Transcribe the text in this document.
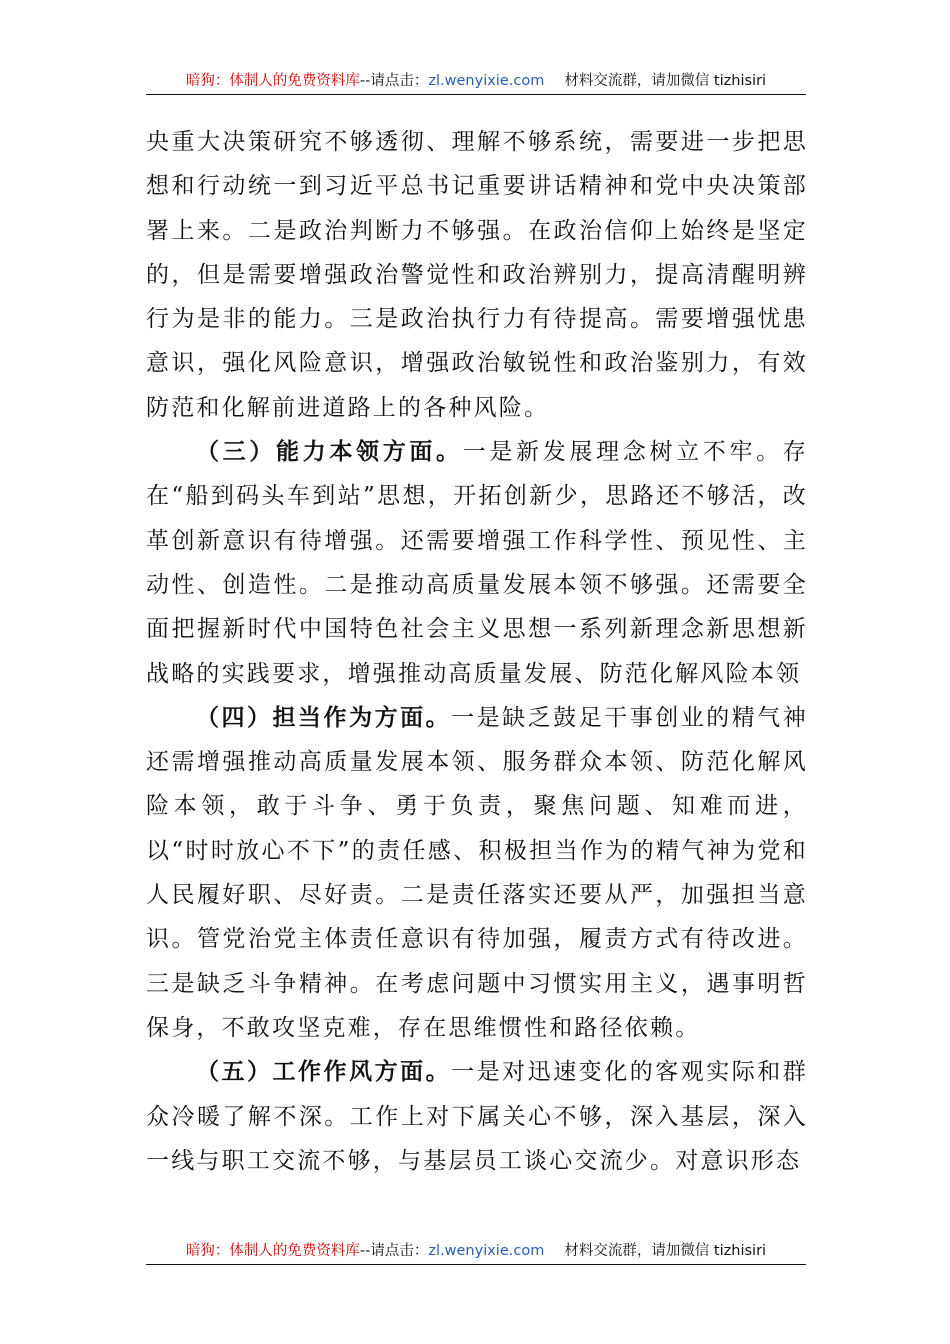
暗狗：体制人的免费资料库--请点击：zl.wenyixie.com 材料交流群，请加微信 tizhisiri

央重大决策研究不够透彻、理解不够系统，需要进一步把思想和行动统一到习近平总书记重要讲话精神和党中央决策部署上来。二是政治判断力不够强。在政治信仰上始终是坚定的，但是需要增强政治警觉性和政治辨别力，提高清醒明辨行为是非的能力。三是政治执行力有待提高。需要增强忧患意识，强化风险意识，增强政治敏锐性和政治鉴别力，有效防范和化解前进道路上的各种风险。

（三）能力本领方面。一是新发展理念树立不牢。存在“船到码头车到站”思想，开拓创新少，思路还不够活，改革创新意识有待增强。还需要增强工作科学性、预见性、主动性、创造性。二是推动高质量发展本领不够强。还需要全面把握新时代中国特色社会主义思想一系列新理念新思想新战略的实践要求，增强推动高质量发展、防范化解风险本领

（四）担当作为方面。一是缺乏鼓足干事创业的精气神还需增强推动高质量发展本领、服务群众本领、防范化解风险本领，敢于斗争、勇于负责，聚焦问题、知难而进，以“时时放心不下”的责任感、积极担当作为的精气神为党和人民履好职、尽好责。二是责任落实还要从严，加强担当意识。管党治党主体责任意识有待加强，履责方式有待改进。三是缺乏斗争精神。在考虑问题中习惯实用主义，遇事明哲保身，不敢攻坚克难，存在思维惯性和路径依赖。

（五）工作作风方面。一是对迅速变化的客观实际和群众冷暖了解不深。工作上对下属关心不够，深入基层，深入一线与职工交流不够，与基层员工谈心交流少。对意识形态

暗狗：体制人的免费资料库--请点击：zl.wenyixie.com 材料交流群，请加微信 tizhisiri
